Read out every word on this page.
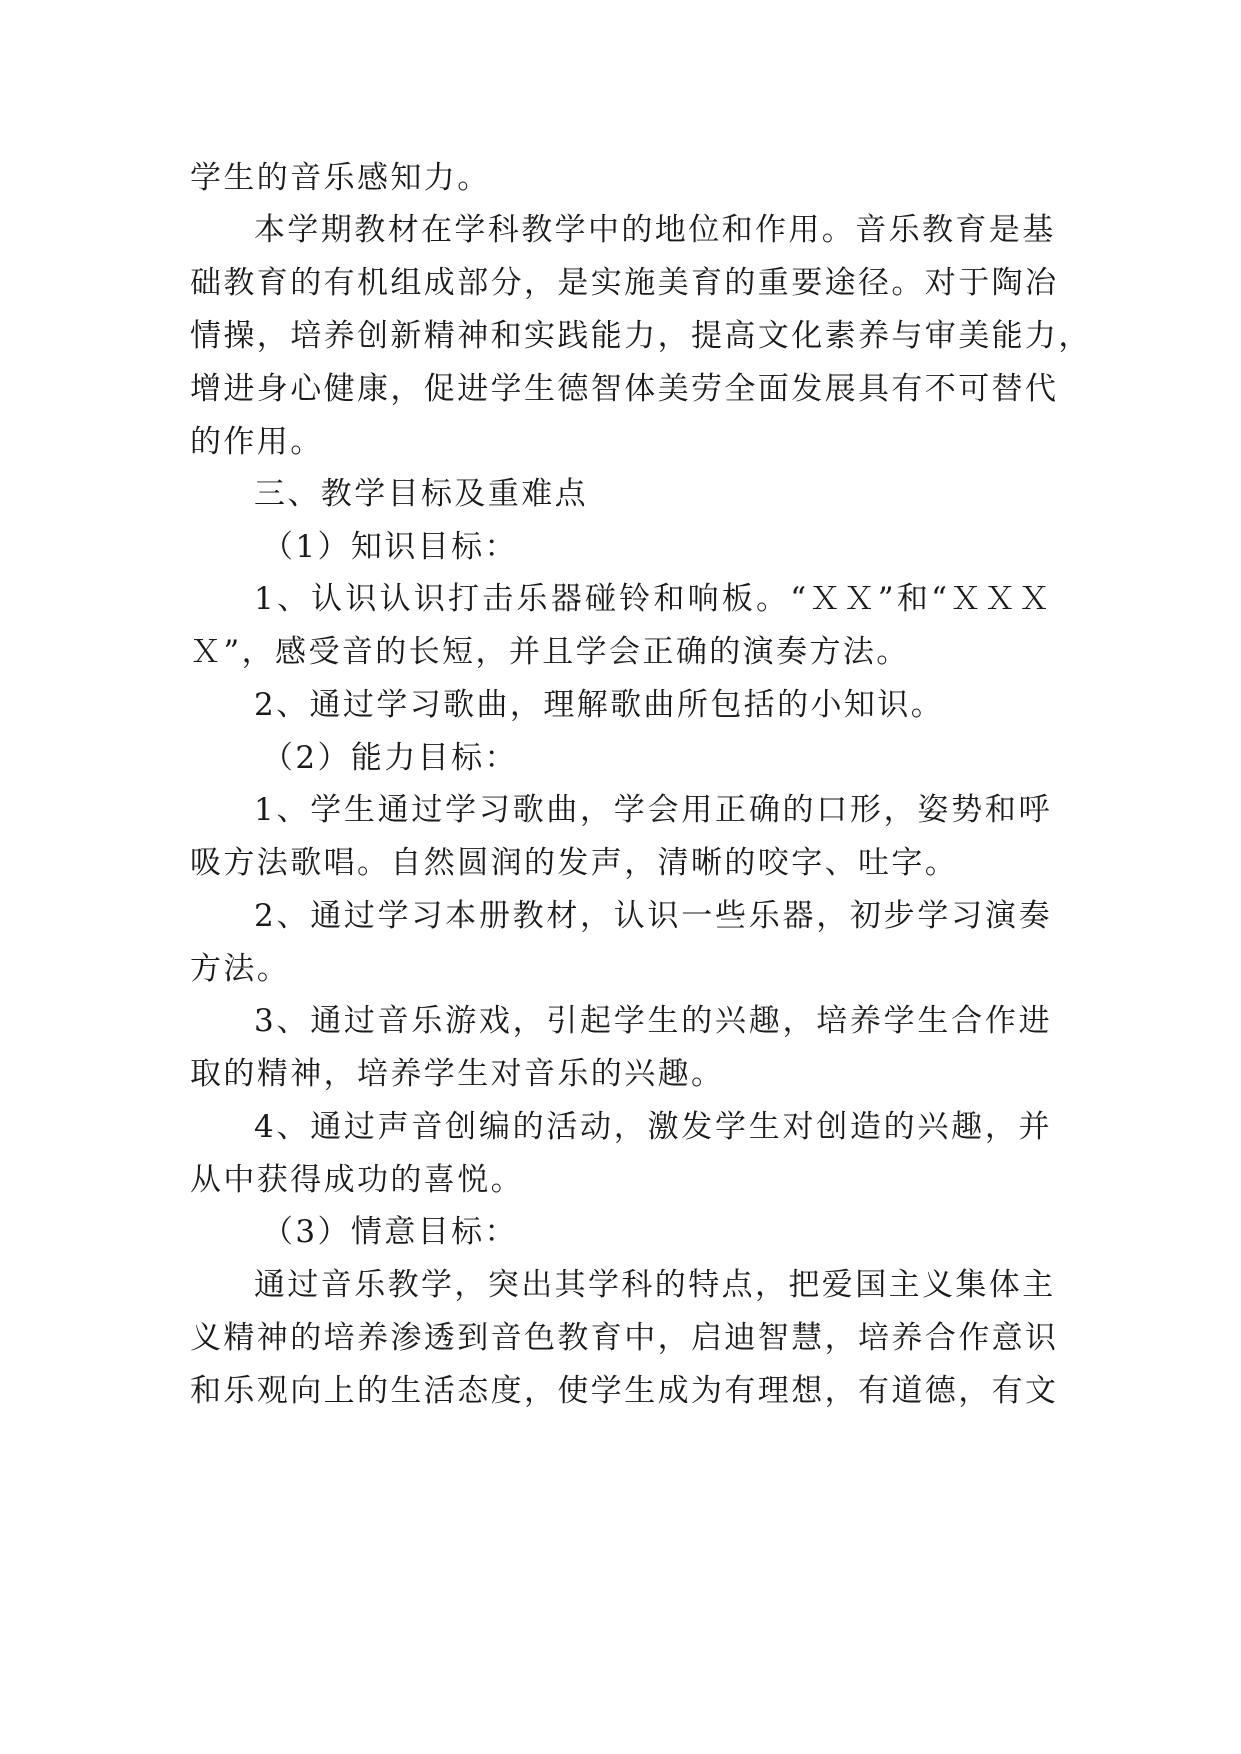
学生的音乐感知力。
本学期教材在学科教学中的地位和作用。音乐教育是基
础教育的有机组成部分，是实施美育的重要途径。对于陶冶
情操，培养创新精神和实践能力，提高文化素养与审美能力，
增进身心健康，促进学生德智体美劳全面发展具有不可替代
的作用。
三、教学目标及重难点
（1）知识目标：
1、认识认识打击乐器碰铃和响板。“ＸＸ”和“ＸＸＸ
Ｘ”，感受音的长短，并且学会正确的演奏方法。
2、通过学习歌曲，理解歌曲所包括的小知识。
（2）能力目标：
1、学生通过学习歌曲，学会用正确的口形，姿势和呼
吸方法歌唱。自然圆润的发声，清晰的咬字、吐字。
2、通过学习本册教材，认识一些乐器，初步学习演奏
方法。
3、通过音乐游戏，引起学生的兴趣，培养学生合作进
取的精神，培养学生对音乐的兴趣。
4、通过声音创编的活动，激发学生对创造的兴趣，并
从中获得成功的喜悦。
（3）情意目标：
通过音乐教学，突出其学科的特点，把爱国主义集体主
义精神的培养渗透到音色教育中，启迪智慧，培养合作意识
和乐观向上的生活态度，使学生成为有理想，有道德，有文
